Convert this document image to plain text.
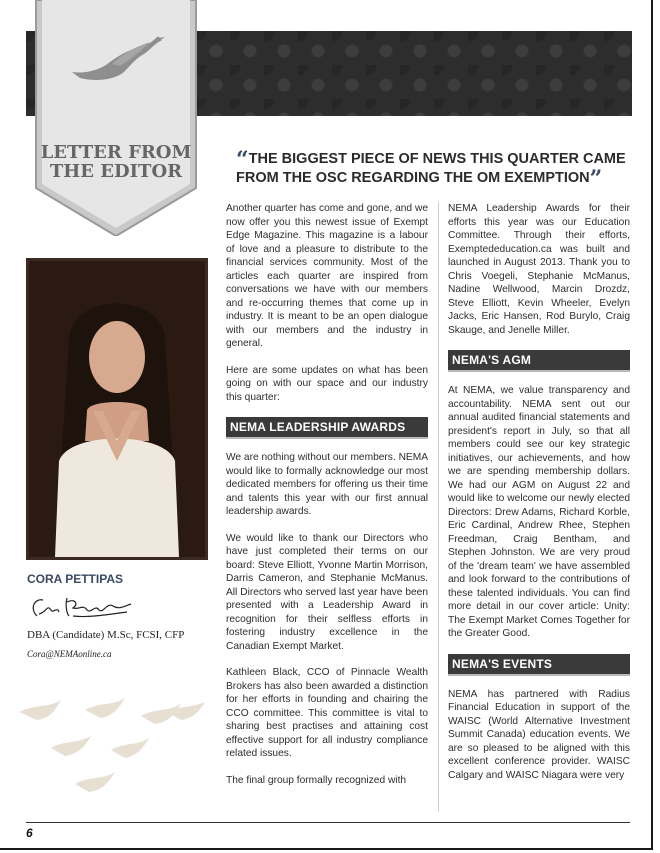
LETTER FROM
THE EDITOR
CORA PETTIPAS
DBA (Candidate) M.Sc, FCSI, CFP
Cora@NEMAonline.ca
“THE BIGGEST PIECE OF NEWS THIS QUARTER CAME FROM THE OSC REGARDING THE OM EXEMPTION”

Another quarter has come and gone, and we now offer you this newest issue of Exempt Edge Magazine. This magazine is a labour of love and a pleasure to distribute to the financial services community. Most of the articles each quarter are inspired from conversations we have with our members and re-occurring themes that come up in industry. It is meant to be an open dialogue with our members and the industry in general.

Here are some updates on what has been going on with our space and our industry this quarter:

NEMA LEADERSHIP AWARDS

We are nothing without our members. NEMA would like to formally acknowledge our most dedicated members for offering us their time and talents this year with our first annual leadership awards.

We would like to thank our Directors who have just completed their terms on our board: Steve Elliott, Yvonne Martin Morrison, Darris Cameron, and Stephanie McManus. All Directors who served last year have been presented with a Leadership Award in recognition for their selfless efforts in fostering industry excellence in the Canadian Exempt Market.

Kathleen Black, CCO of Pinnacle Wealth Brokers has also been awarded a distinction for her efforts in founding and chairing the CCO committee. This committee is vital to sharing best practises and attaining cost effective support for all industry compliance related issues.

The final group formally recognized with

NEMA Leadership Awards for their efforts this year was our Education Committee. Through their efforts, Exemptededucation.ca was built and launched in August 2013. Thank you to Chris Voegeli, Stephanie McManus, Nadine Wellwood, Marcin Drozdz, Steve Elliott, Kevin Wheeler, Evelyn Jacks, Eric Hansen, Rod Burylo, Craig Skauge, and Jenelle Miller.

NEMA'S AGM

At NEMA, we value transparency and accountability. NEMA sent out our annual audited financial statements and president's report in July, so that all members could see our key strategic initiatives, our achievements, and how we are spending membership dollars. We had our AGM on August 22 and would like to welcome our newly elected Directors: Drew Adams, Richard Korble, Eric Cardinal, Andrew Rhee, Stephen Freedman, Craig Bentham, and Stephen Johnston. We are very proud of the 'dream team' we have assembled and look forward to the contributions of these talented individuals. You can find more detail in our cover article: Unity: The Exempt Market Comes Together for the Greater Good.

NEMA'S EVENTS

NEMA has partnered with Radius Financial Education in support of the WAISC (World Alternative Investment Summit Canada) education events. We are so pleased to be aligned with this excellent conference provider. WAISC Calgary and WAISC Niagara were very

6
